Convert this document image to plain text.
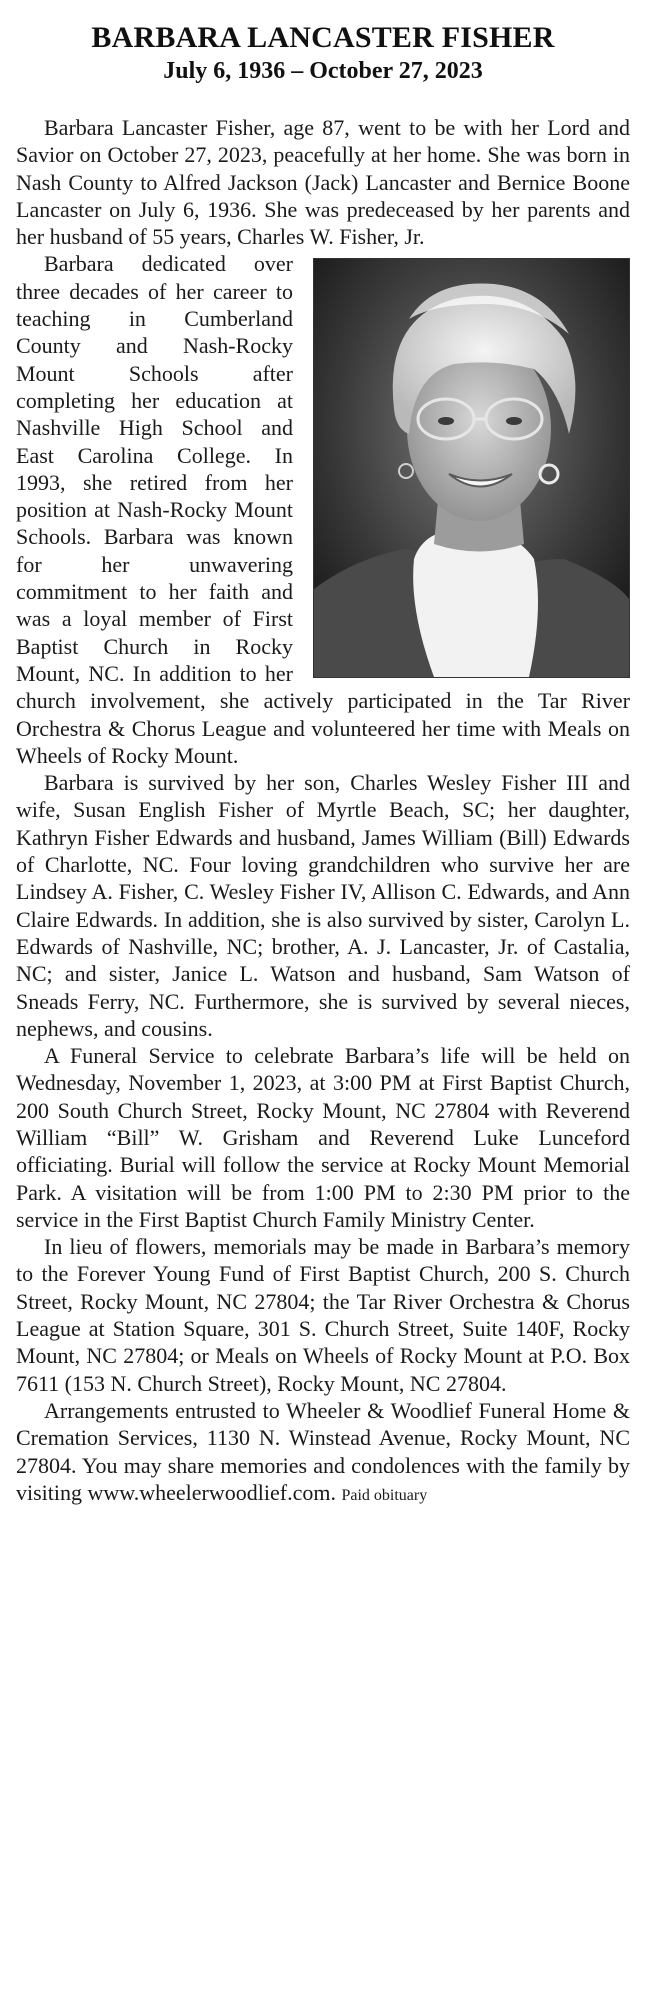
BARBARA LANCASTER FISHER
July 6, 1936 – October 27, 2023

Barbara Lancaster Fisher, age 87, went to be with her Lord and Savior on October 27, 2023, peacefully at her home. She was born in Nash County to Alfred Jackson (Jack) Lancaster and Bernice Boone Lancaster on July 6, 1936. She was predeceased by her parents and her husband of 55 years, Charles W. Fisher, Jr.

Barbara dedicated over three decades of her career to teaching in Cumberland County and Nash-Rocky Mount Schools after completing her education at Nashville High School and East Carolina College. In 1993, she retired from her position at Nash-Rocky Mount Schools. Barbara was known for her unwavering commitment to her faith and was a loyal member of First Baptist Church in Rocky Mount, NC. In addition to her church involvement, she actively participated in the Tar River Orchestra & Chorus League and volunteered her time with Meals on Wheels of Rocky Mount.

Barbara is survived by her son, Charles Wesley Fisher III and wife, Susan English Fisher of Myrtle Beach, SC; her daughter, Kathryn Fisher Edwards and husband, James William (Bill) Edwards of Charlotte, NC. Four loving grandchildren who survive her are Lindsey A. Fisher, C. Wesley Fisher IV, Allison C. Edwards, and Ann Claire Edwards. In addition, she is also survived by sister, Carolyn L. Edwards of Nashville, NC; brother, A. J. Lancaster, Jr. of Castalia, NC; and sister, Janice L. Watson and husband, Sam Watson of Sneads Ferry, NC. Furthermore, she is survived by several nieces, nephews, and cousins.

A Funeral Service to celebrate Barbara’s life will be held on Wednesday, November 1, 2023, at 3:00 PM at First Baptist Church, 200 South Church Street, Rocky Mount, NC 27804 with Reverend William “Bill” W. Grisham and Reverend Luke Lunceford officiating. Burial will follow the service at Rocky Mount Memorial Park. A visitation will be from 1:00 PM to 2:30 PM prior to the service in the First Baptist Church Family Ministry Center.

In lieu of flowers, memorials may be made in Barbara’s memory to the Forever Young Fund of First Baptist Church, 200 S. Church Street, Rocky Mount, NC 27804; the Tar River Orchestra & Chorus League at Station Square, 301 S. Church Street, Suite 140F, Rocky Mount, NC 27804; or Meals on Wheels of Rocky Mount at P.O. Box 7611 (153 N. Church Street), Rocky Mount, NC 27804.

Arrangements entrusted to Wheeler & Woodlief Funeral Home & Cremation Services, 1130 N. Winstead Avenue, Rocky Mount, NC 27804. You may share memories and condolences with the family by visiting www.wheelerwoodlief.com. Paid obituary
